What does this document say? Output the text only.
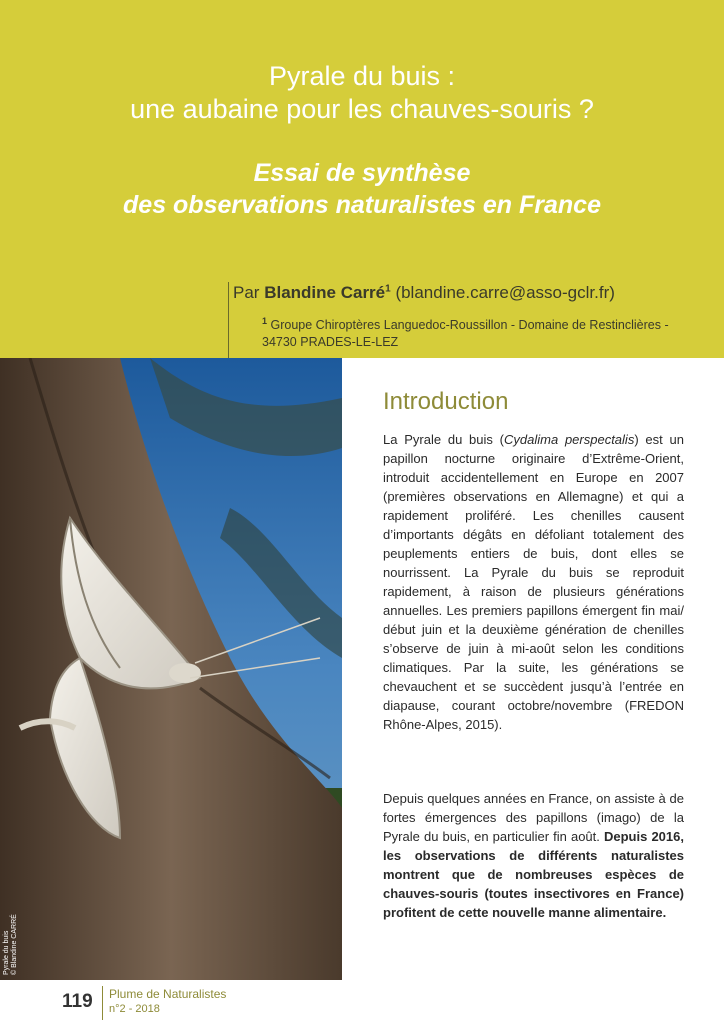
Pyrale du buis :
une aubaine pour les chauves-souris ?
Essai de synthèse
des observations naturalistes en France
Par Blandine Carré$^1$ (blandine.carre@asso-gclr.fr)
$^1$ Groupe Chiroptères Languedoc-Roussillon - Domaine de Restinclières - 34730 PRADES-LE-LEZ
Pyrale du buis
© Blandine CARRÉ
Introduction

La Pyrale du buis (Cydalima perspectalis) est un papillon nocturne originaire d’Extrême-Orient, introduit accidentellement en Europe en 2007 (premières observations en Allemagne) et qui a rapidement proliféré. Les chenilles causent d’importants dégâts en défoliant totalement des peuplements entiers de buis, dont elles se nourrissent. La Pyrale du buis se reproduit rapidement, à raison de plusieurs générations annuelles. Les premiers papillons émergent fin mai/ début juin et la deuxième génération de chenilles s’observe de juin à mi-août selon les conditions climatiques. Par la suite, les générations se chevauchent et se succèdent jusqu’à l’entrée en diapause, courant octobre/novembre (FREDON Rhône-Alpes, 2015).

Depuis quelques années en France, on assiste à de fortes émergences des papillons (imago) de la Pyrale du buis, en particulier fin août. Depuis 2016, les observations de différents naturalistes montrent que de nombreuses espèces de chauves-souris (toutes insectivores en France) profitent de cette nouvelle manne alimentaire.

119 Plume de Naturalistes
n°2 - 2018
